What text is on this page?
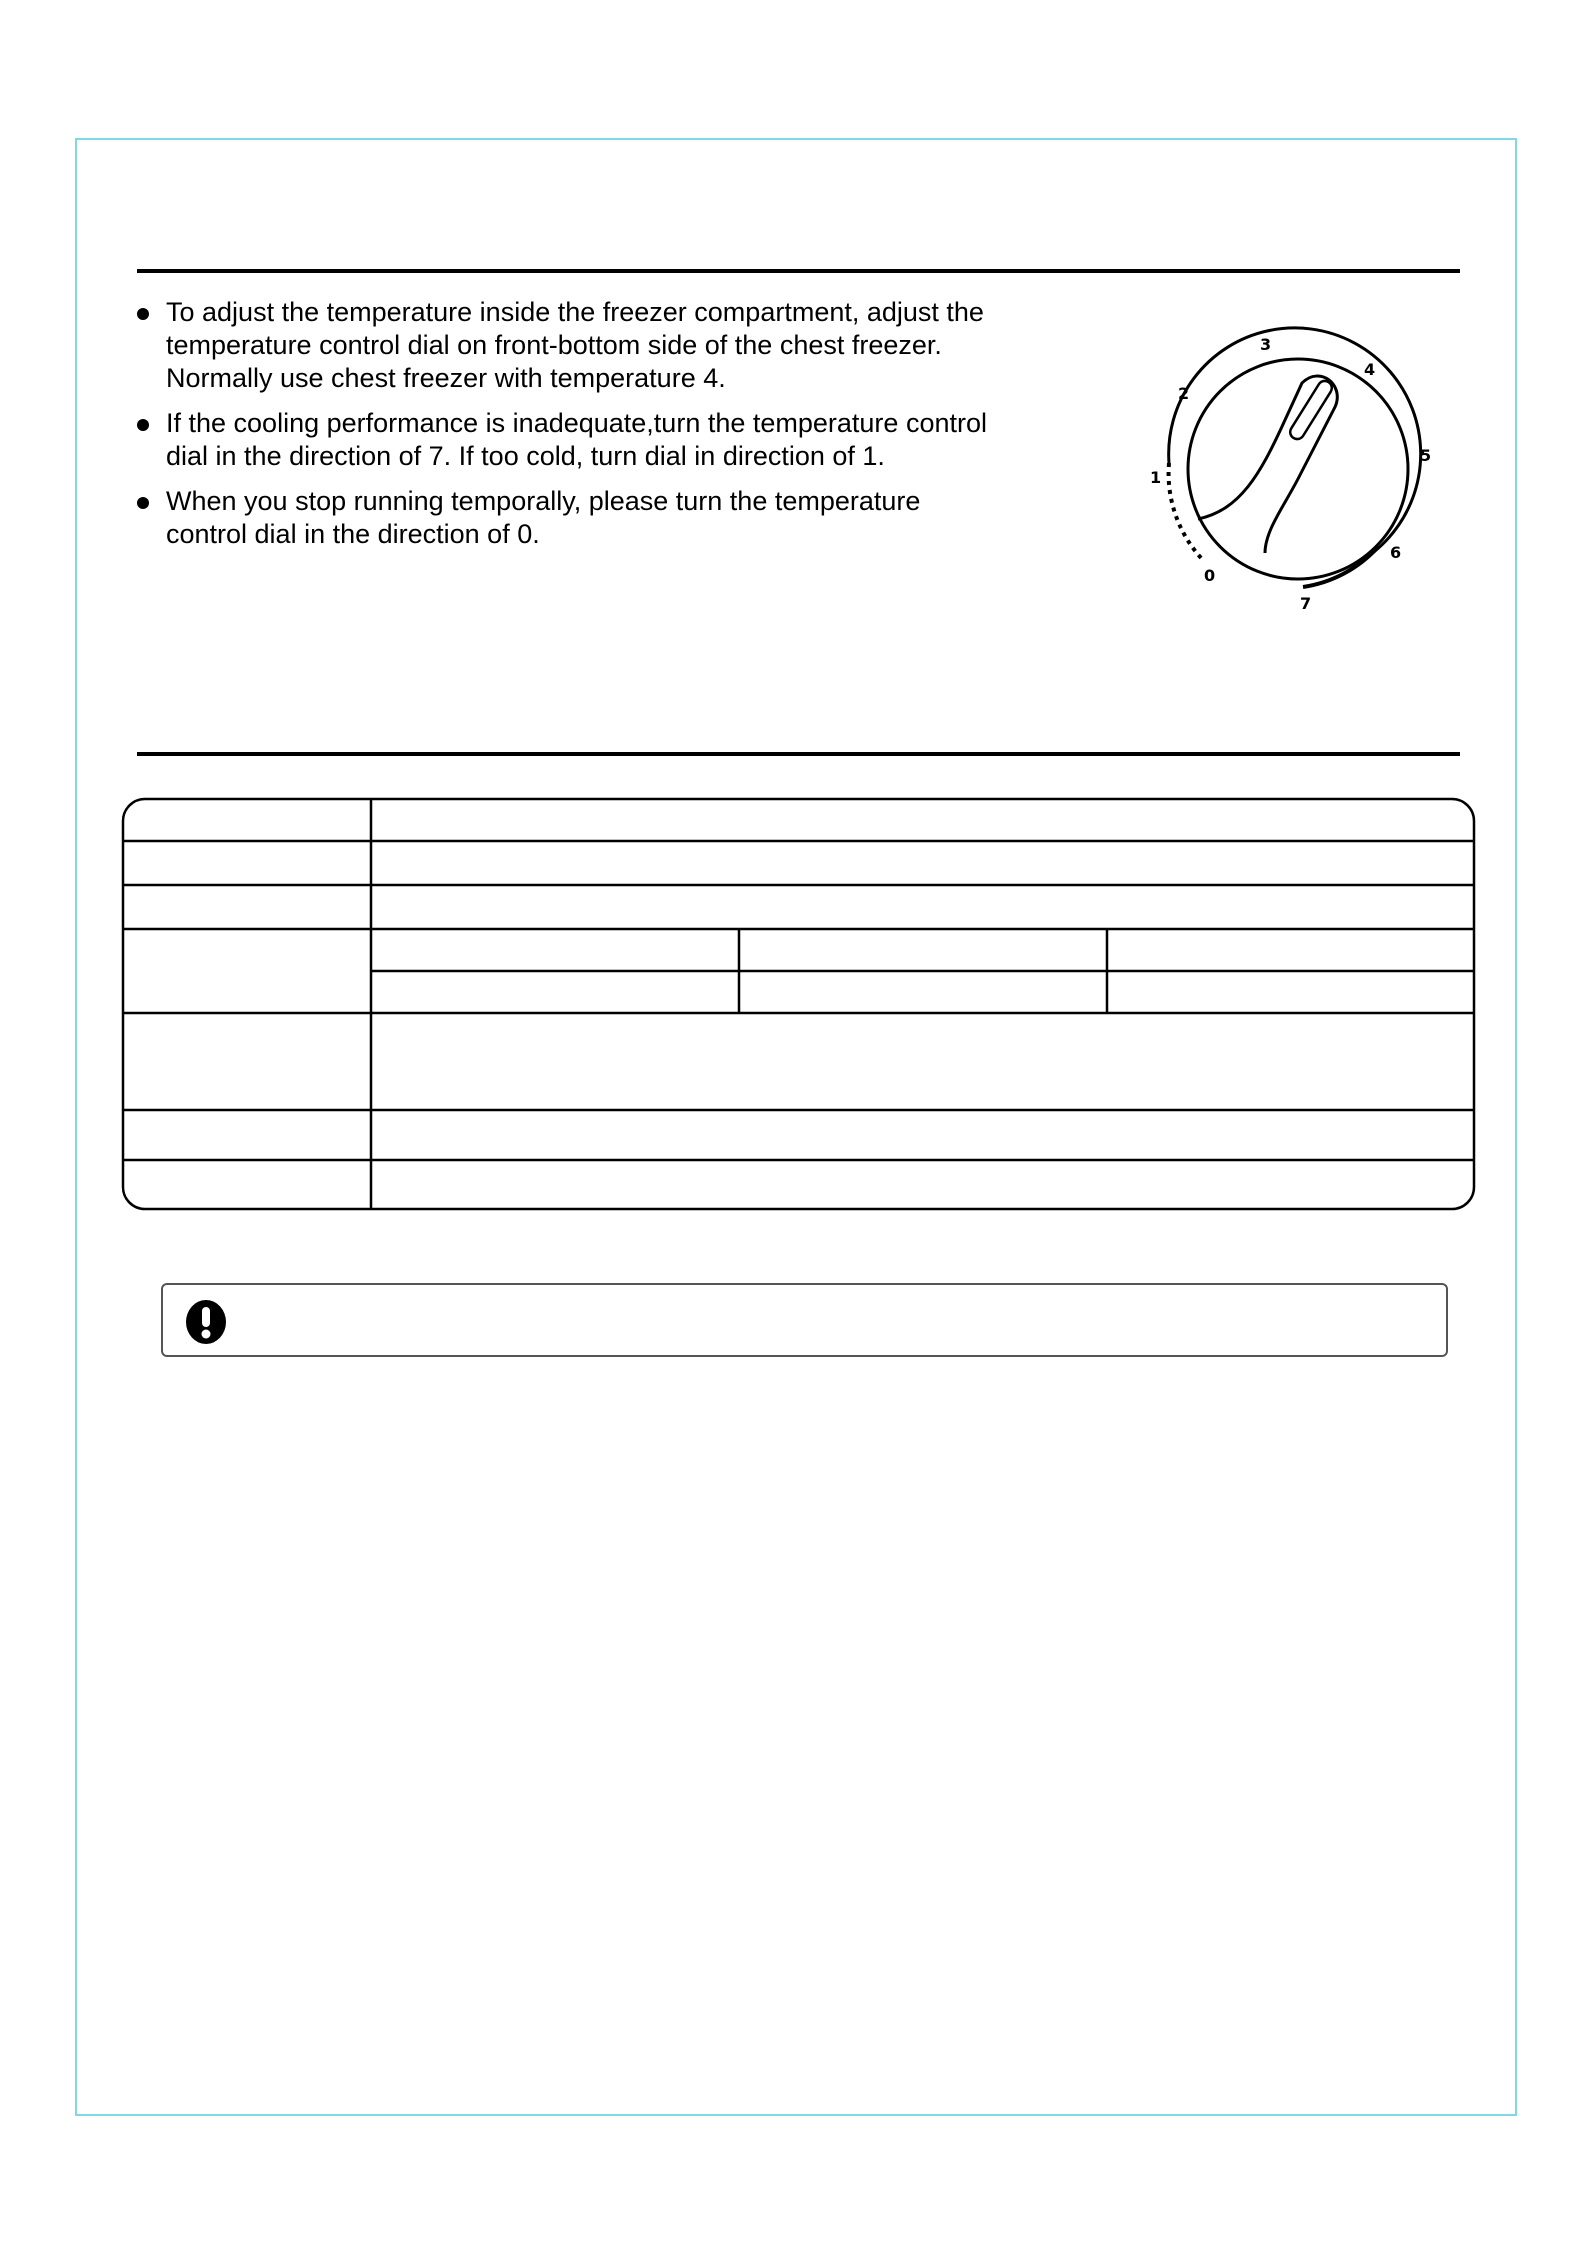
To adjust the temperature inside the freezer compartment, adjust the temperature control dial on front-bottom side of the chest freezer. Normally use chest freezer with temperature 4.
If the cooling performance is inadequate,turn the temperature control dial in the direction of 7. If too cold, turn dial in direction of 1.
When you stop running temporally, please turn the temperature control dial in the direction of 0.
0
1
2
3
4
5
6
7
